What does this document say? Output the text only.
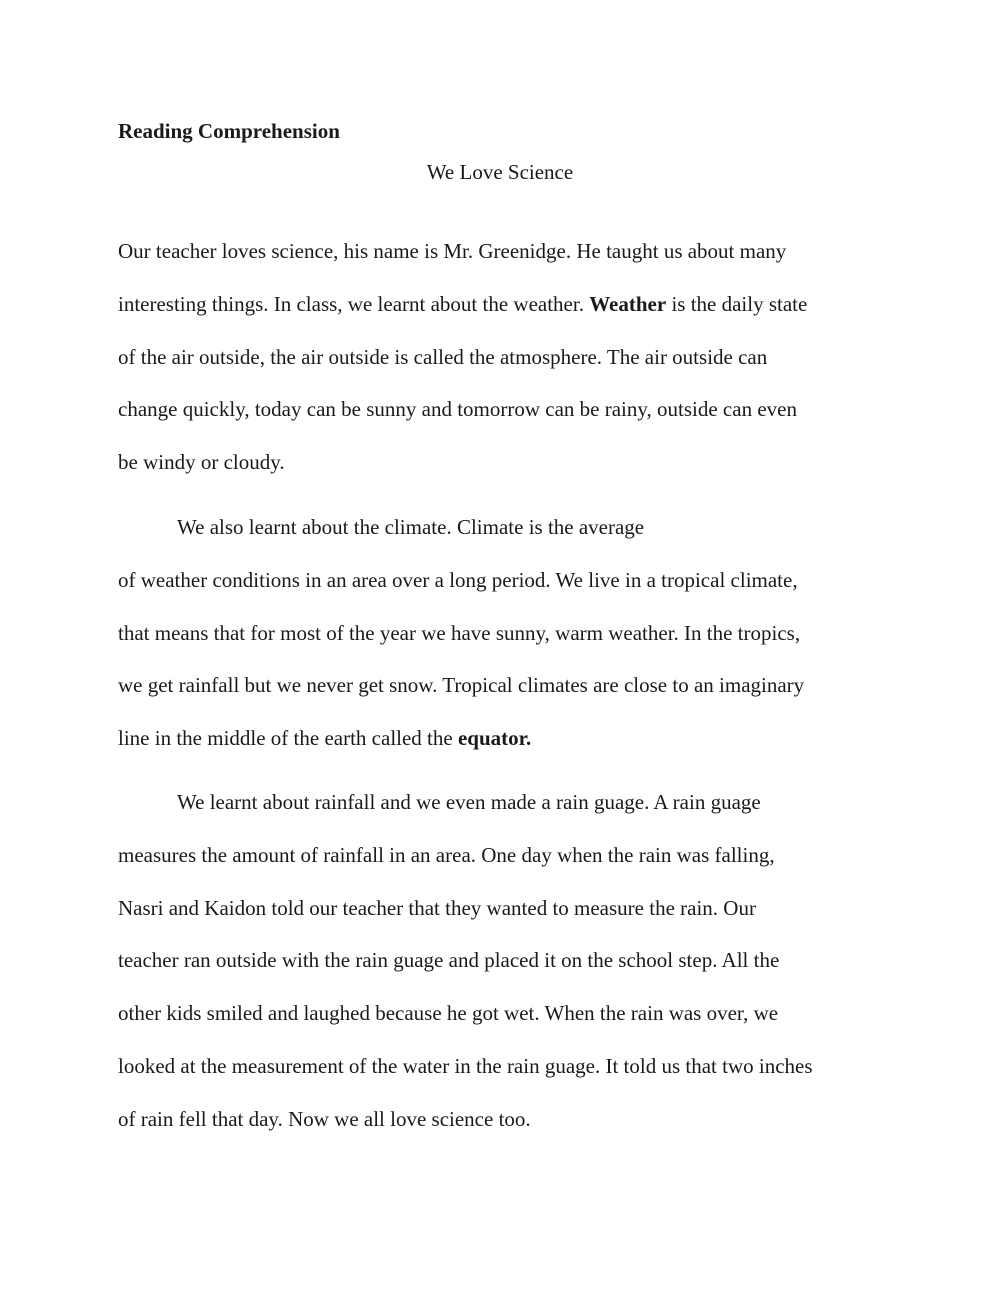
Reading Comprehension

We Love Science

Our teacher loves science, his name is Mr. Greenidge. He taught us about many
interesting things. In class, we learnt about the weather. Weather is the daily state
of the air outside, the air outside is called the atmosphere. The air outside can
change quickly, today can be sunny and tomorrow can be rainy, outside can even
be windy or cloudy.

We also learnt about the climate. Climate is the average
of weather conditions in an area over a long period. We live in a tropical climate,
that means that for most of the year we have sunny, warm weather. In the tropics,
we get rainfall but we never get snow. Tropical climates are close to an imaginary
line in the middle of the earth called the equator.

We learnt about rainfall and we even made a rain guage. A rain guage
measures the amount of rainfall in an area. One day when the rain was falling,
Nasri and Kaidon told our teacher that they wanted to measure the rain. Our
teacher ran outside with the rain guage and placed it on the school step. All the
other kids smiled and laughed because he got wet. When the rain was over, we
looked at the measurement of the water in the rain guage. It told us that two inches
of rain fell that day. Now we all love science too.
